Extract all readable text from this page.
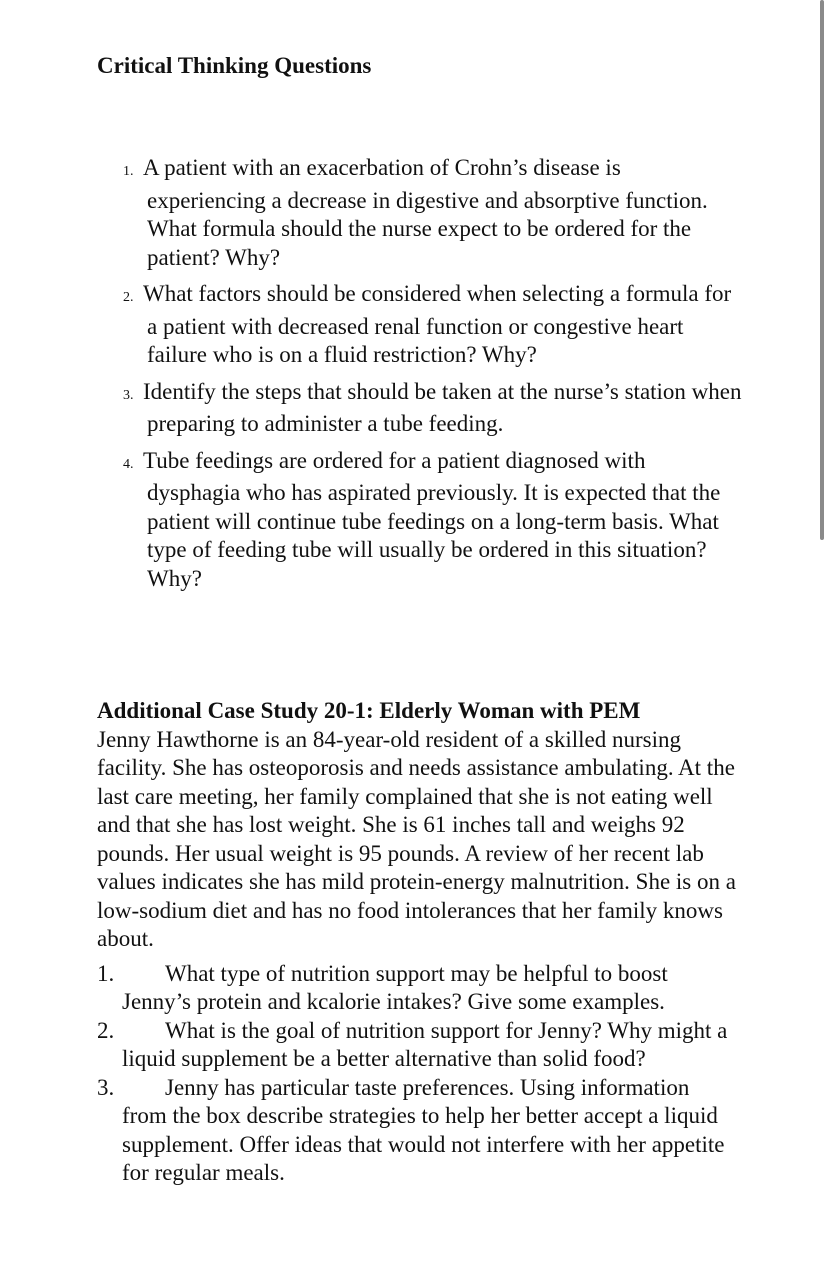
Critical Thinking Questions
1. A patient with an exacerbation of Crohn’s disease is experiencing a decrease in digestive and absorptive function. What formula should the nurse expect to be ordered for the patient? Why?
2. What factors should be considered when selecting a formula for a patient with decreased renal function or congestive heart failure who is on a fluid restriction? Why?
3. Identify the steps that should be taken at the nurse’s station when preparing to administer a tube feeding.
4. Tube feedings are ordered for a patient diagnosed with dysphagia who has aspirated previously. It is expected that the patient will continue tube feedings on a long-term basis. What type of feeding tube will usually be ordered in this situation? Why?
Additional Case Study 20-1: Elderly Woman with PEM

Jenny Hawthorne is an 84-year-old resident of a skilled nursing facility. She has osteoporosis and needs assistance ambulating. At the last care meeting, her family complained that she is not eating well and that she has lost weight. She is 61 inches tall and weighs 92 pounds. Her usual weight is 95 pounds. A review of her recent lab values indicates she has mild protein-energy malnutrition. She is on a low-sodium diet and has no food intolerances that her family knows about.

1. What type of nutrition support may be helpful to boost Jenny’s protein and kcalorie intakes? Give some examples.
2. What is the goal of nutrition support for Jenny? Why might a liquid supplement be a better alternative than solid food?
3. Jenny has particular taste preferences. Using information from the box describe strategies to help her better accept a liquid supplement. Offer ideas that would not interfere with her appetite for regular meals.
